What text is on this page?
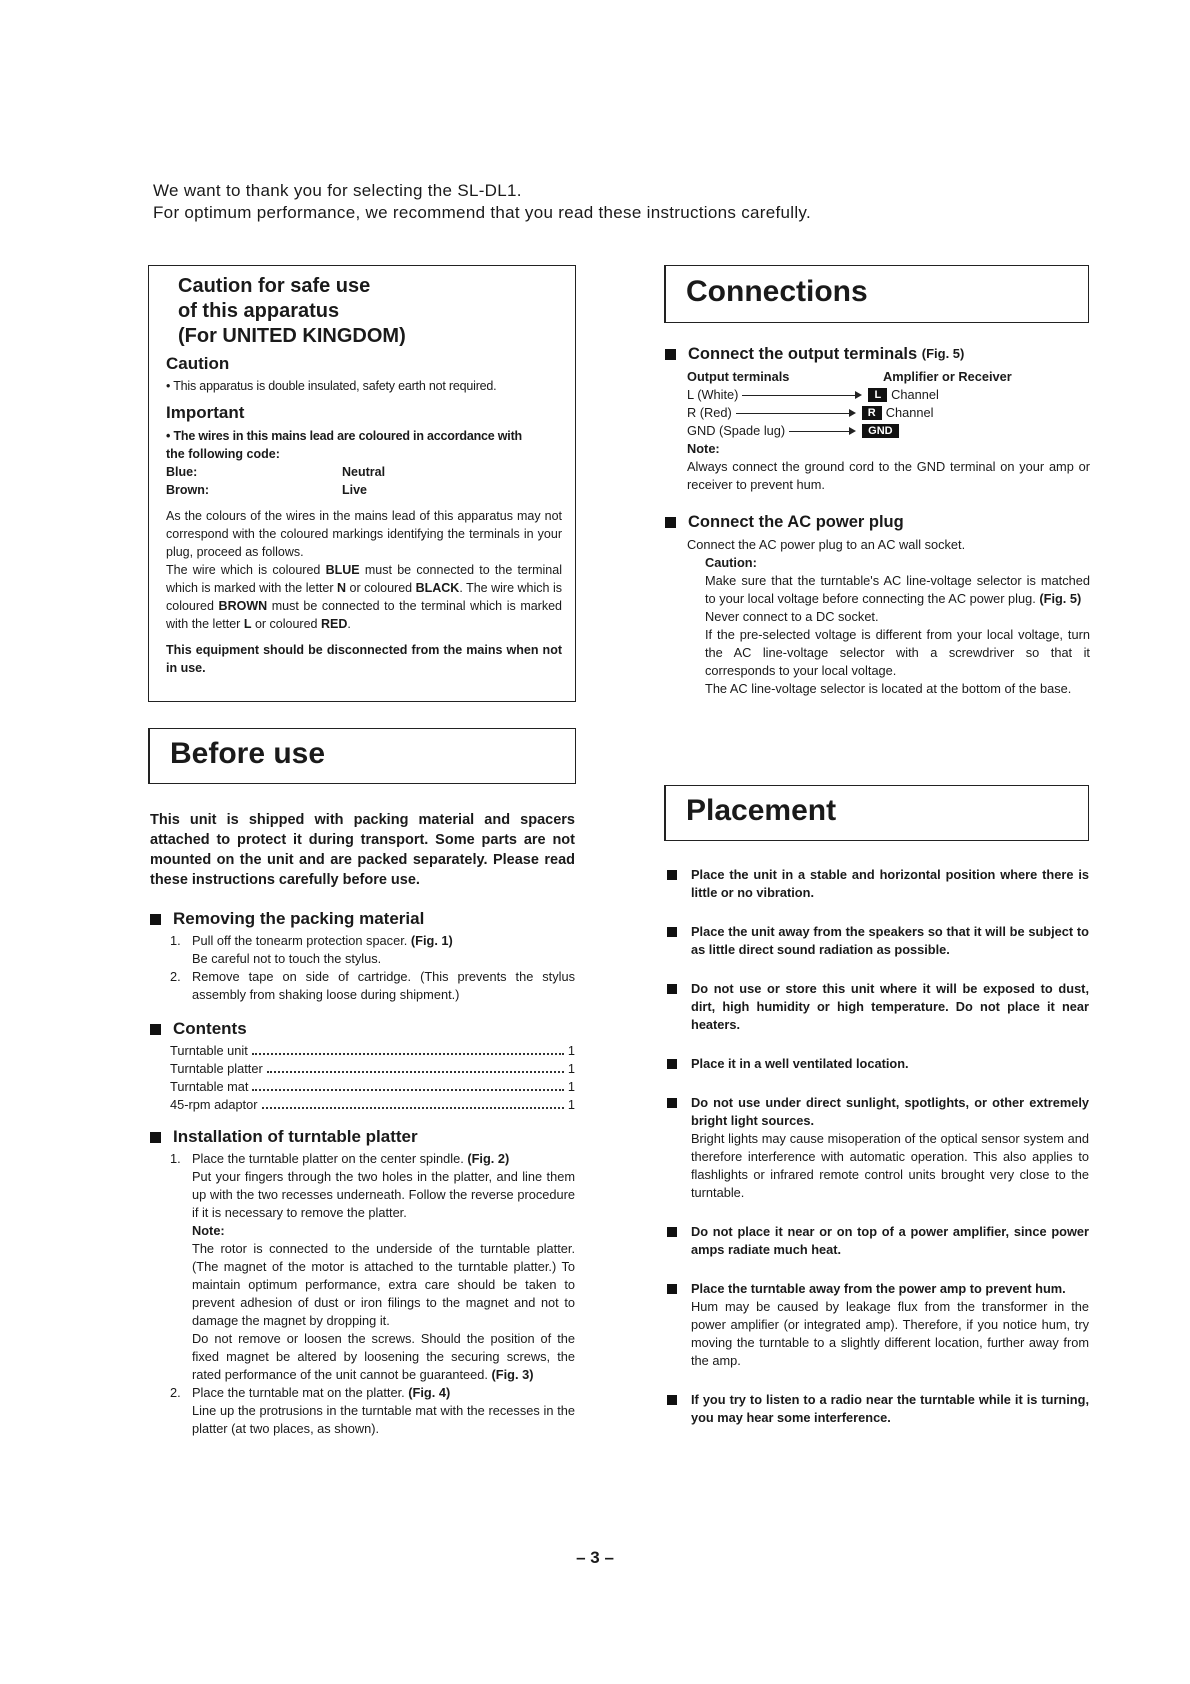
We want to thank you for selecting the SL-DL1.
For optimum performance, we recommend that you read these instructions carefully.
Caution for safe use
of this apparatus
(For UNITED KINGDOM)
Caution
• This apparatus is double insulated, safety earth not required.
Important
• The wires in this mains lead are coloured in accordance with
the following code:
Blue:	Neutral
Brown:	Live
As the colours of the wires in the mains lead of this apparatus may not correspond with the coloured markings identifying the terminals in your plug, proceed as follows.
The wire which is coloured BLUE must be connected to the terminal which is marked with the letter N or coloured BLACK. The wire which is coloured BROWN must be connected to the terminal which is marked with the letter L or coloured RED.
This equipment should be disconnected from the mains when not in use.
Before use
This unit is shipped with packing material and spacers attached to protect it during transport. Some parts are not mounted on the unit and are packed separately. Please read these instructions carefully before use.
Removing the packing material
1. Pull off the tonearm protection spacer. (Fig. 1)
Be careful not to touch the stylus.
2. Remove tape on side of cartridge. (This prevents the stylus assembly from shaking loose during shipment.)
Contents
Turntable unit	1
Turntable platter	1
Turntable mat	1
45-rpm adaptor	1
Installation of turntable platter
1. Place the turntable platter on the center spindle. (Fig. 2)
Put your fingers through the two holes in the platter, and line them up with the two recesses underneath. Follow the reverse procedure if it is necessary to remove the platter.
Note:
The rotor is connected to the underside of the turntable platter. (The magnet of the motor is attached to the turntable platter.) To maintain optimum performance, extra care should be taken to prevent adhesion of dust or iron filings to the magnet and not to damage the magnet by dropping it.
Do not remove or loosen the screws. Should the position of the fixed magnet be altered by loosening the securing screws, the rated performance of the unit cannot be guaranteed. (Fig. 3)
2. Place the turntable mat on the platter. (Fig. 4)
Line up the protrusions in the turntable mat with the recesses in the platter (at two places, as shown).
Connections
Connect the output terminals
(Fig. 5)
Output terminals	Amplifier or Receiver
L (White)	L Channel
R (Red)	R Channel
GND (Spade lug)	GND
Note:
Always connect the ground cord to the GND terminal on your amp or receiver to prevent hum.
Connect the AC power plug
Connect the AC power plug to an AC wall socket.
Caution:
Make sure that the turntable's AC line-voltage selector is matched to your local voltage before connecting the AC power plug. (Fig. 5)
Never connect to a DC socket.
If the pre-selected voltage is different from your local voltage, turn the AC line-voltage selector with a screwdriver so that it corresponds to your local voltage.
The AC line-voltage selector is located at the bottom of the base.
Placement
Place the unit in a stable and horizontal position where there is little or no vibration.
Place the unit away from the speakers so that it will be subject to as little direct sound radiation as possible.
Do not use or store this unit where it will be exposed to dust, dirt, high humidity or high temperature. Do not place it near heaters.
Place it in a well ventilated location.
Do not use under direct sunlight, spotlights, or other extremely bright light sources.
Bright lights may cause misoperation of the optical sensor system and therefore interference with automatic operation. This also applies to flashlights or infrared remote control units brought very close to the turntable.
Do not place it near or on top of a power amplifier, since power amps radiate much heat.
Place the turntable away from the power amp to prevent hum.
Hum may be caused by leakage flux from the transformer in the power amplifier (or integrated amp). Therefore, if you notice hum, try moving the turntable to a slightly different location, further away from the amp.
If you try to listen to a radio near the turntable while it is turning, you may hear some interference.
– 3 –
